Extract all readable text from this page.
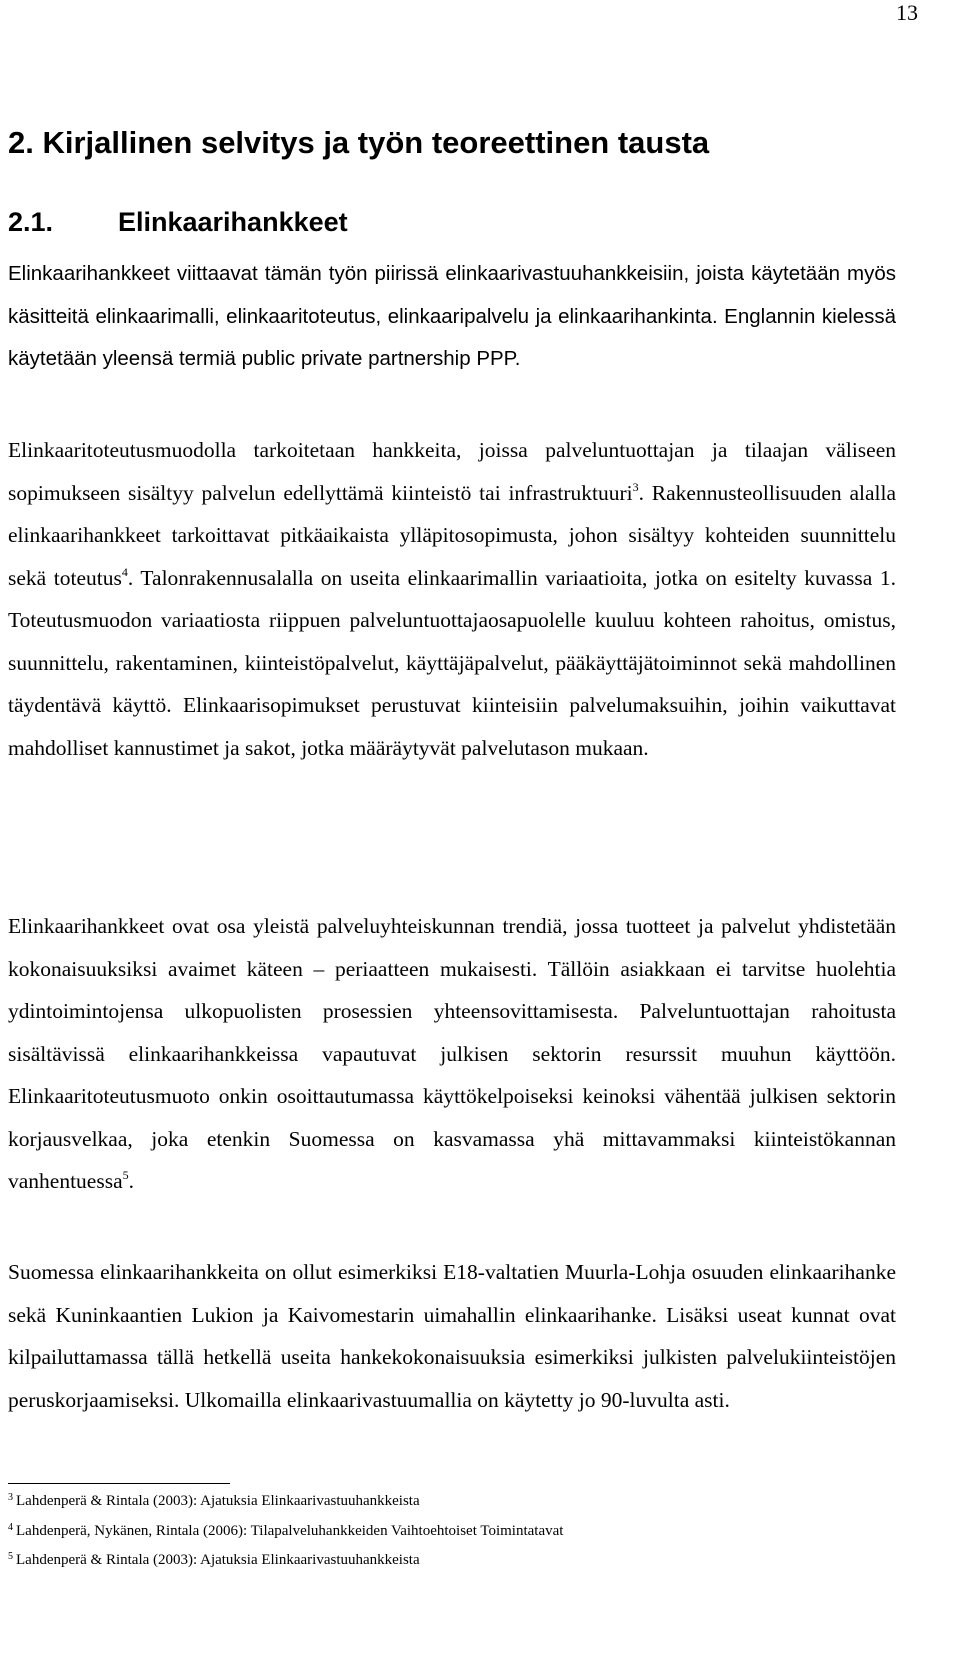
13
2. Kirjallinen selvitys ja työn teoreettinen tausta
2.1. Elinkaarihankkeet
Elinkaarihankkeet viittaavat tämän työn piirissä elinkaarivastuuhankkeisiin, joista käytetään myös käsitteitä elinkaarimalli, elinkaaritoteutus, elinkaaripalvelu ja elinkaarihankinta. Englannin kielessä käytetään yleensä termiä public private partnership PPP.
Elinkaaritoteutusmuodolla tarkoitetaan hankkeita, joissa palveluntuottajan ja tilaajan väliseen sopimukseen sisältyy palvelun edellyttämä kiinteistö tai infrastruktuuri$^3$. Rakennusteollisuuden alalla elinkaarihankkeet tarkoittavat pitkäaikaista ylläpitosopimusta, johon sisältyy kohteiden suunnittelu sekä toteutus$^4$. Talonrakennusalalla on useita elinkaarimallin variaatioita, jotka on esitelty kuvassa 1. Toteutusmuodon variaatiosta riippuen palveluntuottajaosapuolelle kuuluu kohteen rahoitus, omistus, suunnittelu, rakentaminen, kiinteistöpalvelut, käyttäjäpalvelut, pääkäyttäjätoiminnot sekä mahdollinen täydentävä käyttö. Elinkaarisopimukset perustuvat kiinteisiin palvelumaksuihin, joihin vaikuttavat mahdolliset kannustimet ja sakot, jotka määräytyvät palvelutason mukaan.
Elinkaarihankkeet ovat osa yleistä palveluyhteiskunnan trendiä, jossa tuotteet ja palvelut yhdistetään kokonaisuuksiksi avaimet käteen – periaatteen mukaisesti. Tällöin asiakkaan ei tarvitse huolehtia ydintoimintojensa ulkopuolisten prosessien yhteensovittamisesta. Palveluntuottajan rahoitusta sisältävissä elinkaarihankkeissa vapautuvat julkisen sektorin resurssit muuhun käyttöön. Elinkaaritoteutusmuoto onkin osoittautumassa käyttökelpoiseksi keinoksi vähentää julkisen sektorin korjausvelkaa, joka etenkin Suomessa on kasvamassa yhä mittavammaksi kiinteistökannan vanhentuessa$^5$.
Suomessa elinkaarihankkeita on ollut esimerkiksi E18-valtatien Muurla-Lohja osuuden elinkaarihanke sekä Kuninkaantien Lukion ja Kaivomestarin uimahallin elinkaarihanke. Lisäksi useat kunnat ovat kilpailuttamassa tällä hetkellä useita hankekokonaisuuksia esimerkiksi julkisten palvelukiinteistöjen peruskorjaamiseksi. Ulkomailla elinkaarivastuumallia on käytetty jo 90-luvulta asti.
$^3$ Lahdenperä & Rintala (2003): Ajatuksia Elinkaarivastuuhankkeista
$^4$ Lahdenperä, Nykänen, Rintala (2006): Tilapalveluhankkeiden Vaihtoehtoiset Toimintatavat
$^5$ Lahdenperä & Rintala (2003): Ajatuksia Elinkaarivastuuhankkeista
